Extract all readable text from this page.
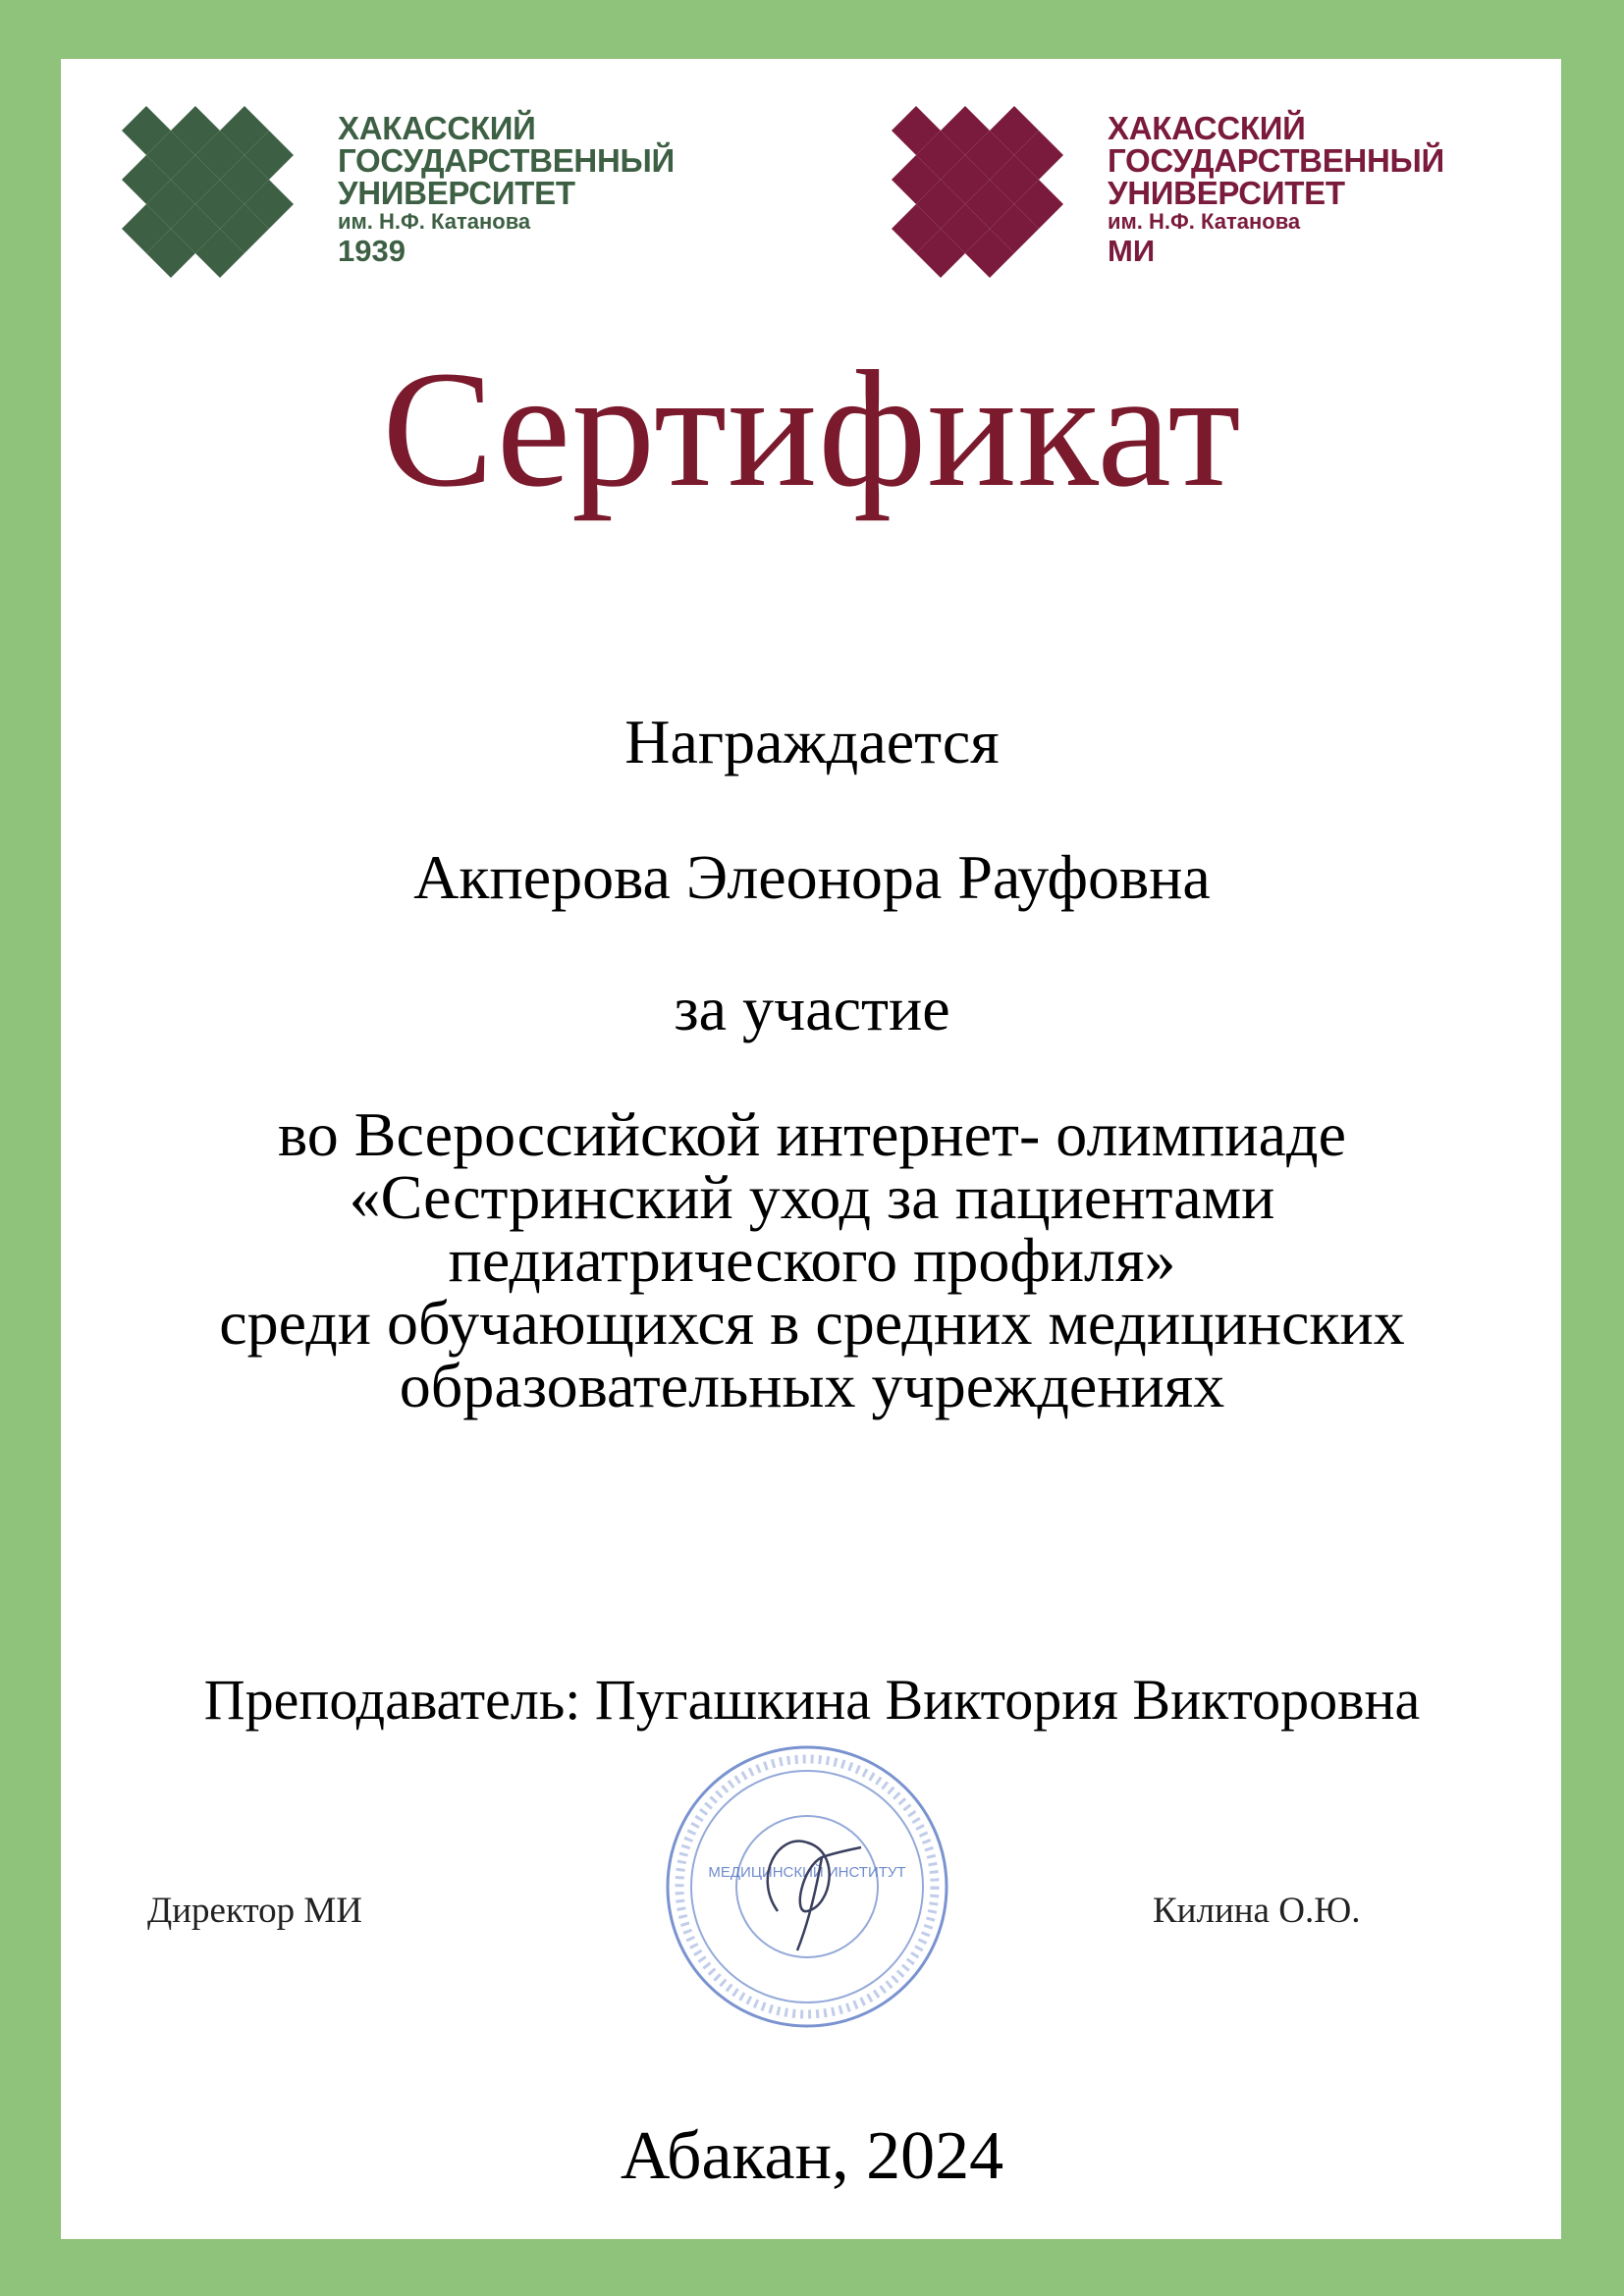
ХАКАССКИЙ
ГОСУДАРСТВЕННЫЙ
УНИВЕРСИТЕТ
им. Н.Ф. Катанова
1939
ХАКАССКИЙ
ГОСУДАРСТВЕННЫЙ
УНИВЕРСИТЕТ
им. Н.Ф. Катанова
МИ
Сертификат
Награждается
Акперова Элеонора Рауфовна
за участие
во Всероссийской интернет- олимпиаде
«Сестринский уход за пациентами
педиатрического профиля»
среди обучающихся в средних медицинских
образовательных учреждениях
Преподаватель: Пугашкина Виктория Викторовна
Директор МИ	Килина О.Ю.
МЕДИЦИНСКИЙ ИНСТИТУТ
Абакан, 2024
